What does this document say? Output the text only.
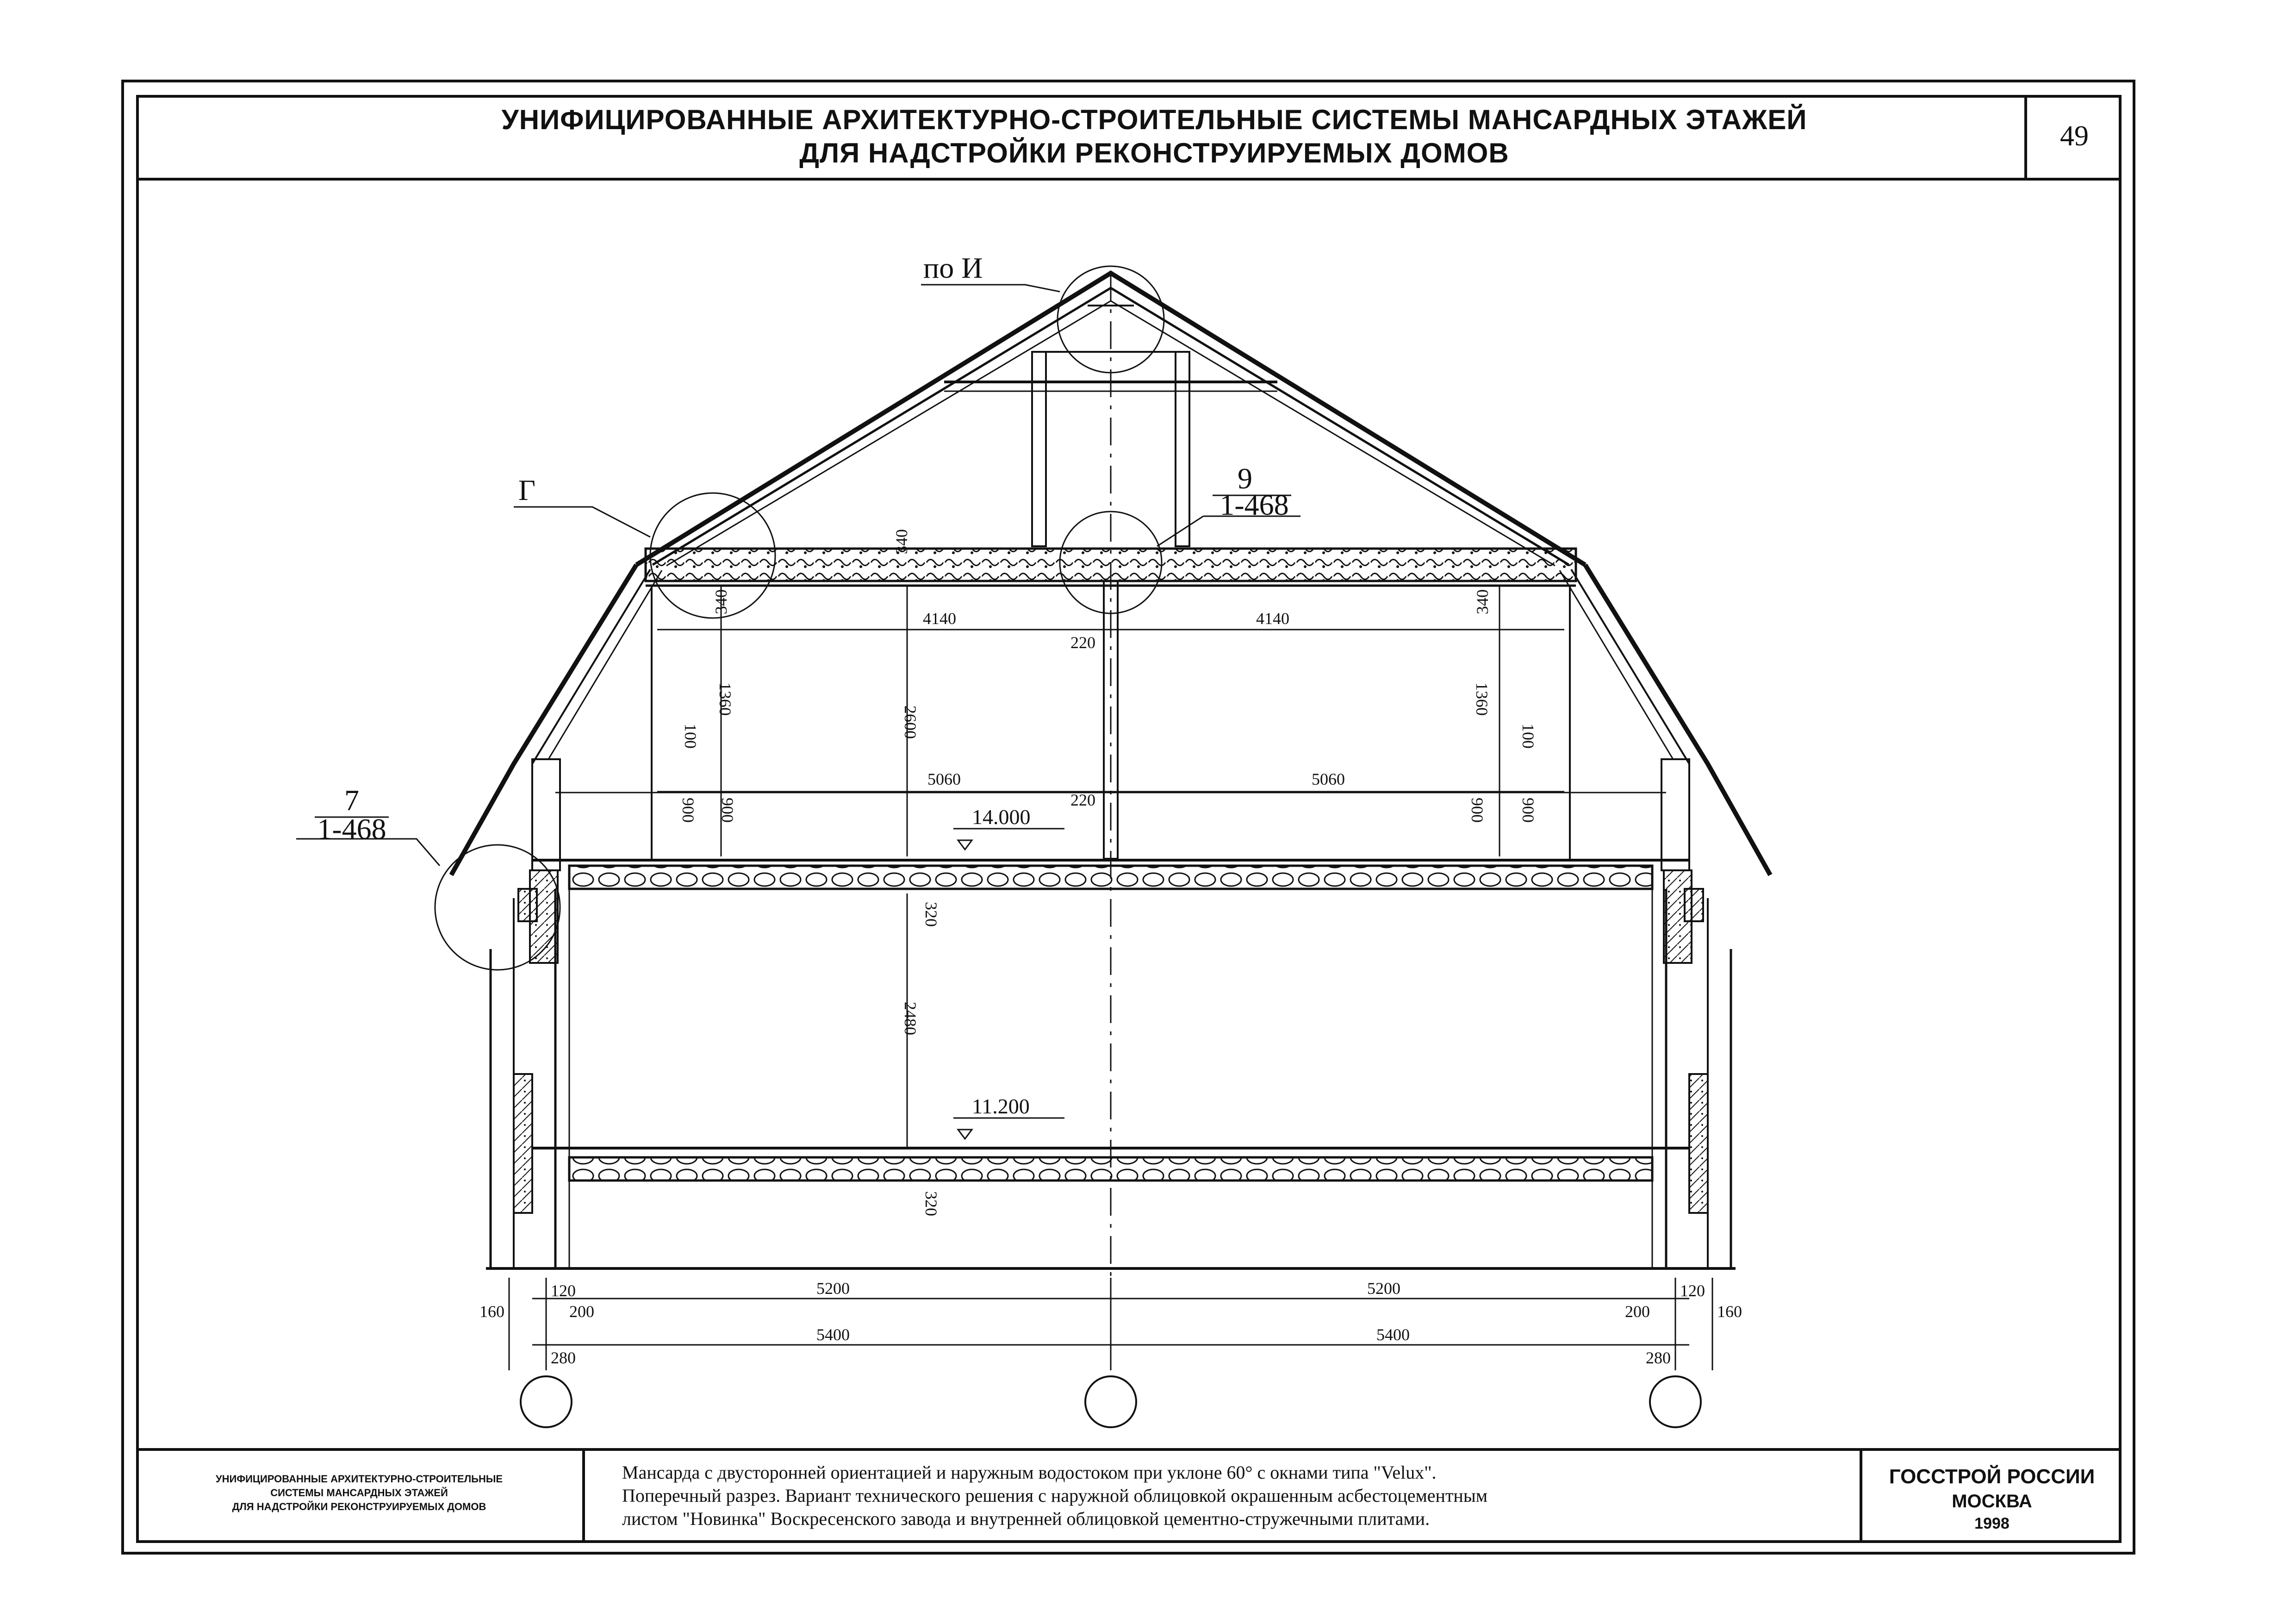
УНИФИЦИРОВАННЫЕ АРХИТЕКТУРНО-СТРОИТЕЛЬНЫЕ СИСТЕМЫ МАНСАРДНЫХ ЭТАЖЕЙ
ДЛЯ НАДСТРОЙКИ РЕКОНСТРУИРУЕМЫХ ДОМОВ
49
по И
Г	9
1-468
7
1-468	14.000
11.200
340
340	340
4140	4140
220
220
2600
1360	1360
100	100
5060	5060
900 900	900 900
320
2480
320
5200	5200
5400	5400
160
120
200
280
160
120
200
280
УНИФИЦИРОВАННЫЕ АРХИТЕКТУРНО-СТРОИТЕЛЬНЫЕ
СИСТЕМЫ МАНСАРДНЫХ ЭТАЖЕЙ
ДЛЯ НАДСТРОЙКИ РЕКОНСТРУИРУЕМЫХ ДОМОВ
Мансарда с двусторонней ориентацией и наружным водостоком при уклоне 60° с окнами типа "Velux".
Поперечный разрез. Вариант технического решения с наружной облицовкой окрашенным асбестоцементным
листом "Новинка" Воскресенского завода и внутренней облицовкой цементно-стружечными плитами.
ГОССТРОЙ РОССИИ
МОСКВА
1998
